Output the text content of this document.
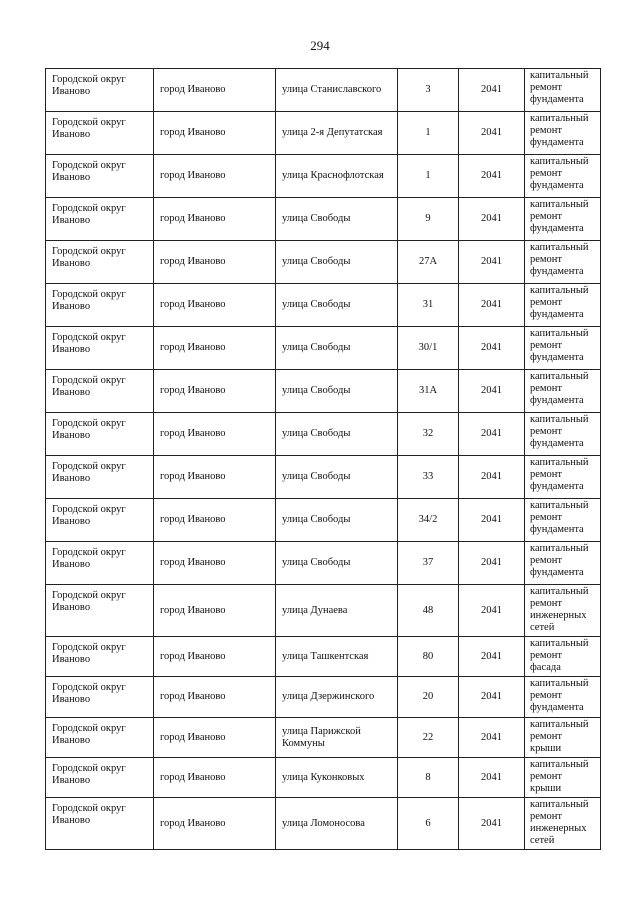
294
Городской округ Иваново	город Иваново	улица Станиславского	3	2041	капитальный ремонт фундамента
Городской округ Иваново	город Иваново	улица 2-я Депутатская	1	2041	капитальный ремонт фундамента
Городской округ Иваново	город Иваново	улица Краснофлотская	1	2041	капитальный ремонт фундамента
Городской округ Иваново	город Иваново	улица Свободы	9	2041	капитальный ремонт фундамента
Городской округ Иваново	город Иваново	улица Свободы	27А	2041	капитальный ремонт фундамента
Городской округ Иваново	город Иваново	улица Свободы	31	2041	капитальный ремонт фундамента
Городской округ Иваново	город Иваново	улица Свободы	30/1	2041	капитальный ремонт фундамента
Городской округ Иваново	город Иваново	улица Свободы	31А	2041	капитальный ремонт фундамента
Городской округ Иваново	город Иваново	улица Свободы	32	2041	капитальный ремонт фундамента
Городской округ Иваново	город Иваново	улица Свободы	33	2041	капитальный ремонт фундамента
Городской округ Иваново	город Иваново	улица Свободы	34/2	2041	капитальный ремонт фундамента
Городской округ Иваново	город Иваново	улица Свободы	37	2041	капитальный ремонт фундамента
Городской округ Иваново	город Иваново	улица Дунаева	48	2041	капитальный ремонт инженерных сетей
Городской округ Иваново	город Иваново	улица Ташкентская	80	2041	капитальный ремонт фасада
Городской округ Иваново	город Иваново	улица Дзержинского	20	2041	капитальный ремонт фундамента
Городской округ Иваново	город Иваново	улица Парижской Коммуны	22	2041	капитальный ремонт крыши
Городской округ Иваново	город Иваново	улица Куконковых	8	2041	капитальный ремонт крыши
Городской округ Иваново	город Иваново	улица Ломоносова	6	2041	капитальный ремонт инженерных сетей
